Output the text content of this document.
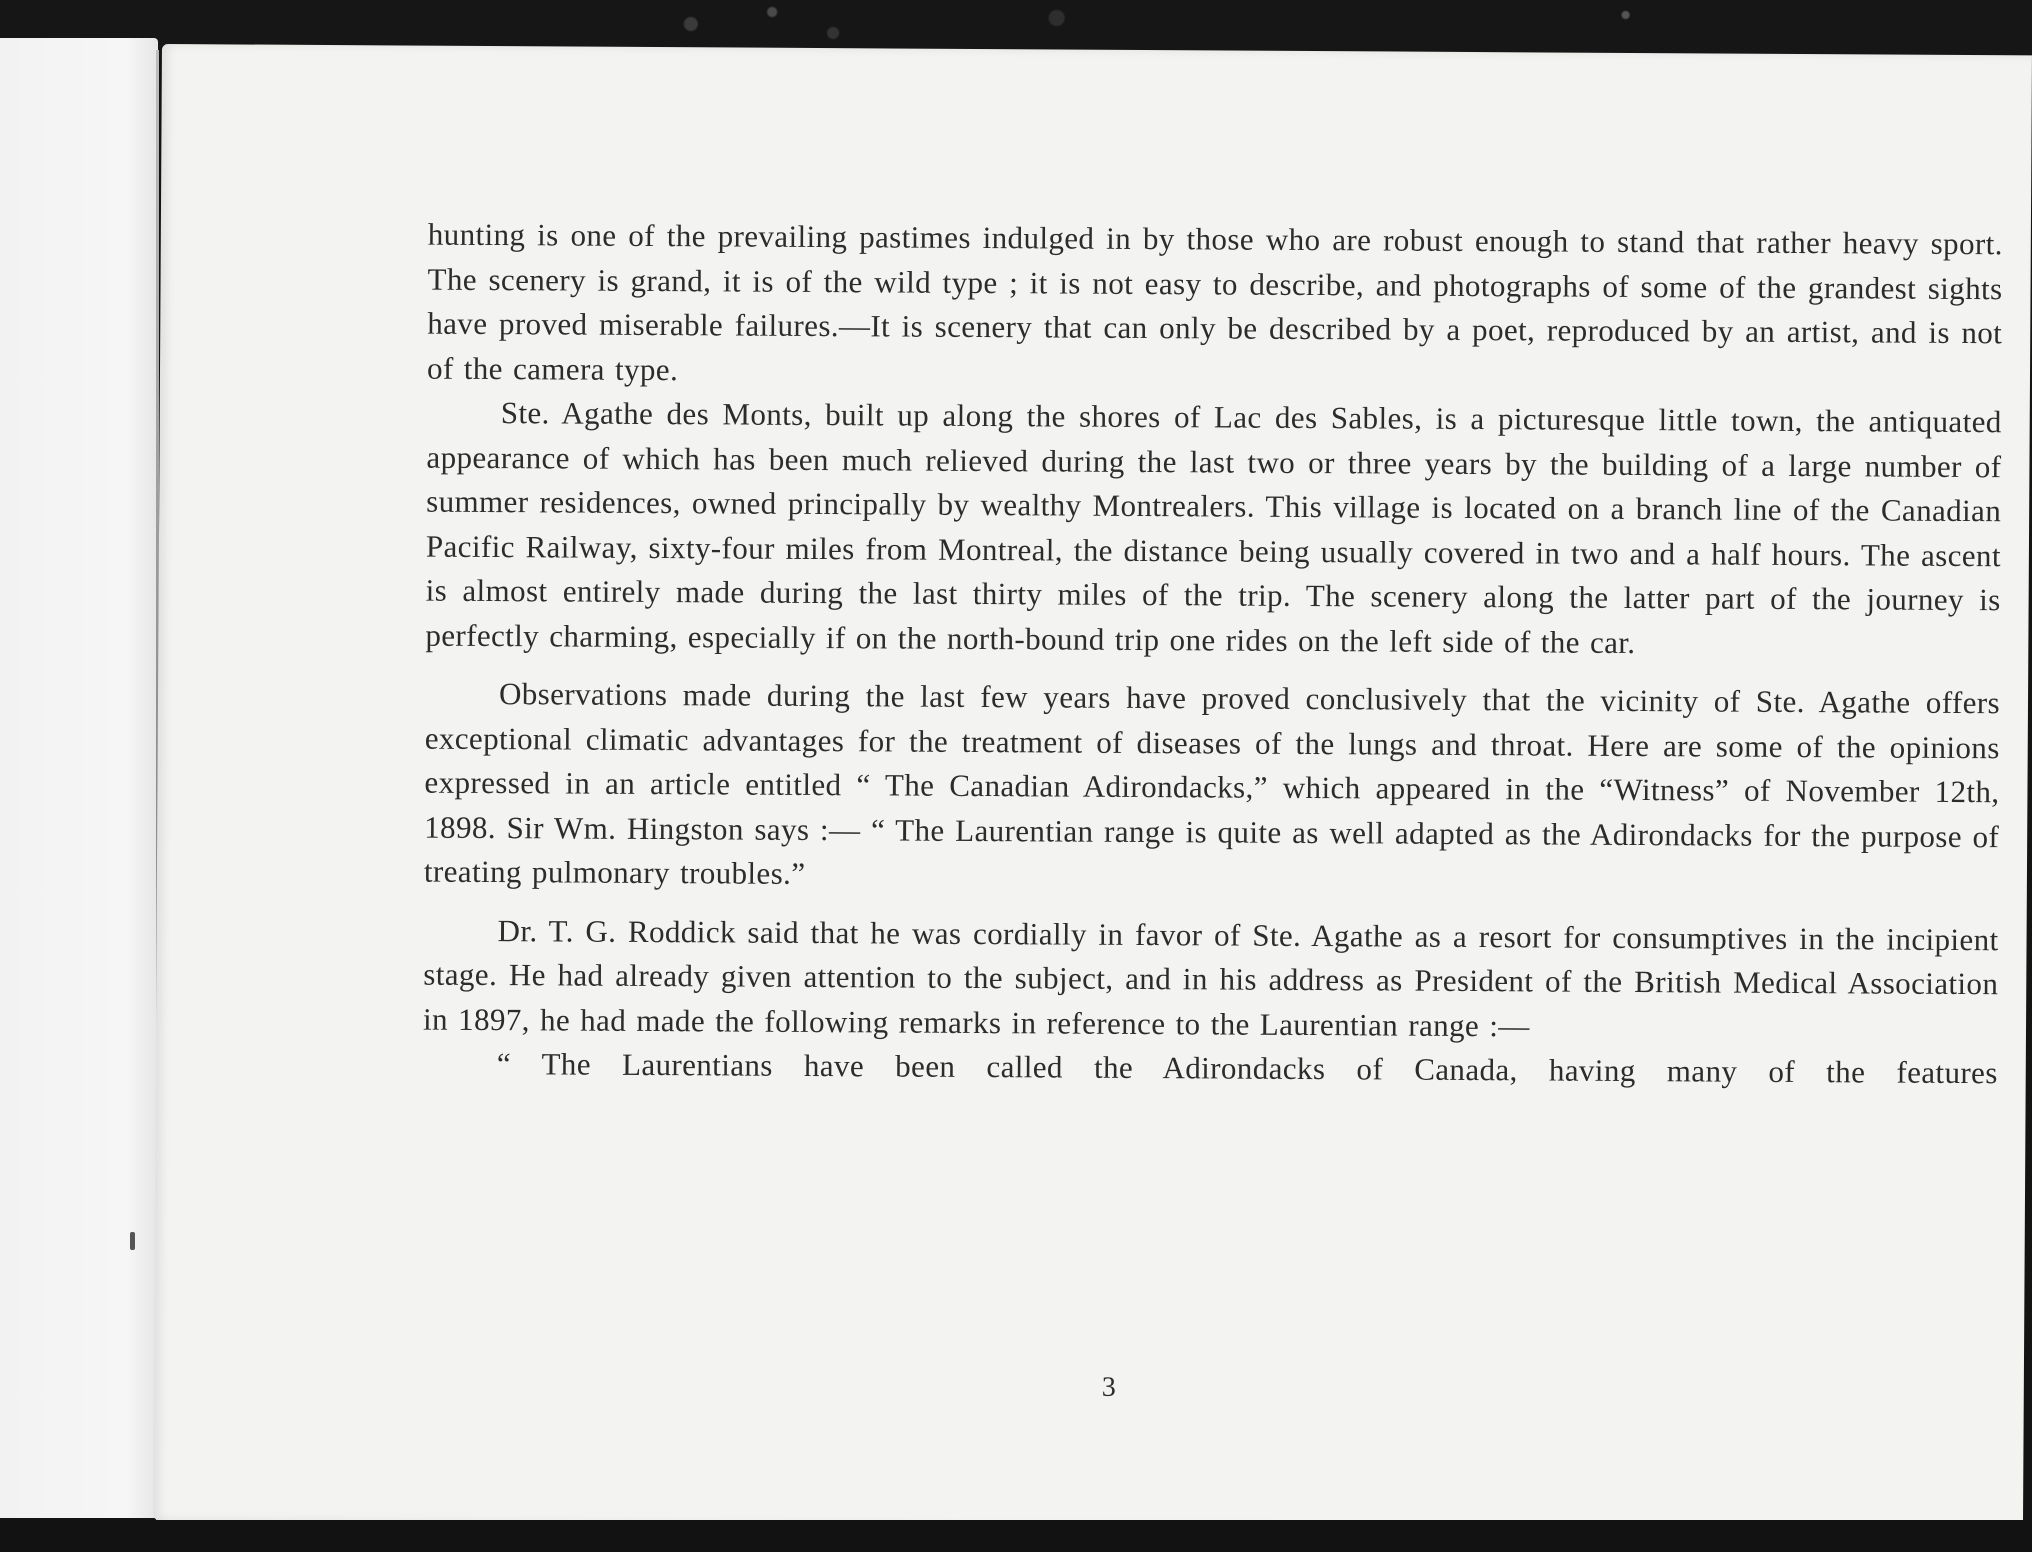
hunting is one of the prevailing pastimes indulged in by those who are robust enough to stand that rather heavy sport. The scenery is grand, it is of the wild type ; it is not easy to describe, and photographs of some of the grandest sights have proved miserable failures.—It is scenery that can only be described by a poet, reproduced by an artist, and is not of the camera type.

Ste. Agathe des Monts, built up along the shores of Lac des Sables, is a picturesque little town, the antiquated appearance of which has been much relieved during the last two or three years by the building of a large number of summer residences, owned principally by wealthy Montrealers. This village is located on a branch line of the Canadian Pacific Railway, sixty-four miles from Montreal, the distance being usually covered in two and a half hours. The ascent is almost entirely made during the last thirty miles of the trip. The scenery along the latter part of the journey is perfectly charming, especially if on the north-bound trip one rides on the left side of the car.

Observations made during the last few years have proved conclusively that the vicinity of Ste. Agathe offers exceptional climatic advantages for the treatment of diseases of the lungs and throat. Here are some of the opinions expressed in an article entitled “ The Canadian Adirondacks,” which appeared in the “Witness” of November 12th, 1898. Sir Wm. Hingston says :— “ The Laurentian range is quite as well adapted as the Adirondacks for the purpose of treating pulmonary troubles.”

Dr. T. G. Roddick said that he was cordially in favor of Ste. Agathe as a resort for consumptives in the incipient stage. He had already given attention to the subject, and in his address as President of the British Medical Association in 1897, he had made the following remarks in reference to the Laurentian range :—

“ The Laurentians have been called the Adirondacks of Canada, having many of the features

3
